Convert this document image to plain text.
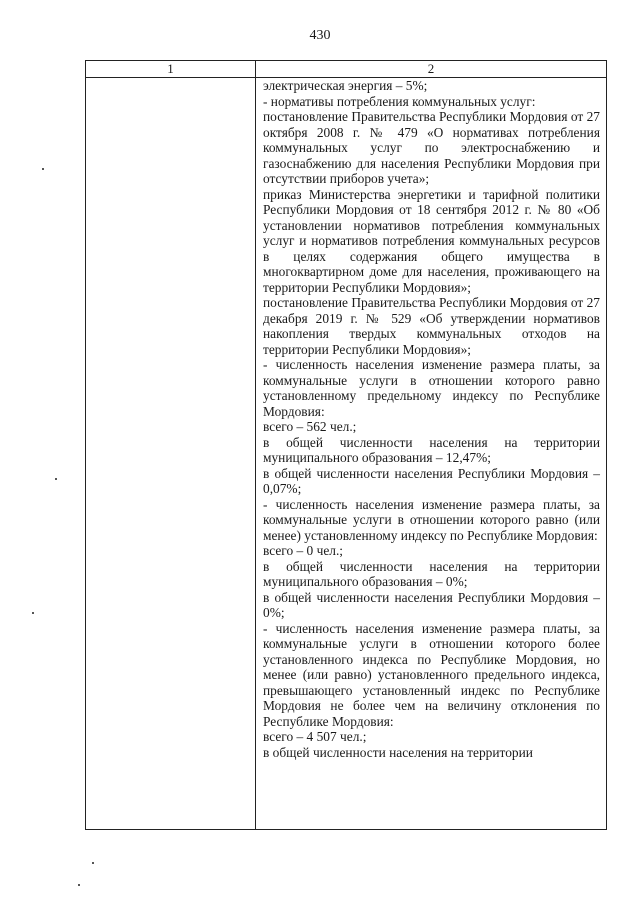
430
1	2

электрическая энергия – 5%;

- нормативы потребления коммунальных услуг:

постановление Правительства Республики Мордовия от 27 октября 2008 г. № 479 «О нормативах потребления коммунальных услуг по электроснабжению и газоснабжению для населения Республики Мордовия при отсутствии приборов учета»;

приказ Министерства энергетики и тарифной политики Республики Мордовия от 18 сентября 2012 г. № 80 «Об установлении нормативов потребления коммунальных услуг и нормативов потребления коммунальных ресурсов в целях содержания общего имущества в многоквартирном доме для населения, проживающего на территории Республики Мордовия»;

постановление Правительства Республики Мордовия от 27 декабря 2019 г. № 529 «Об утверждении нормативов накопления твердых коммунальных отходов на территории Республики Мордовия»;

- численность населения изменение размера платы, за коммунальные услуги в отношении которого равно установленному предельному индексу по Республике Мордовия:

всего – 562 чел.;

в общей численности населения на территории муниципального образования – 12,47%;

в общей численности населения Республики Мордовия – 0,07%;

- численность населения изменение размера платы, за коммунальные услуги в отношении которого равно (или менее) установленному индексу по Республике Мордовия:

всего – 0 чел.;

в общей численности населения на территории муниципального образования – 0%;

в общей численности населения Республики Мордовия – 0%;

- численность населения изменение размера платы, за коммунальные услуги в отношении которого более установленного индекса по Республике Мордовия, но менее (или равно) установленного предельного индекса, превышающего установленный индекс по Республике Мордовия не более чем на величину отклонения по Республике Мордовия:

всего – 4 507 чел.;

в общей численности населения на территории
